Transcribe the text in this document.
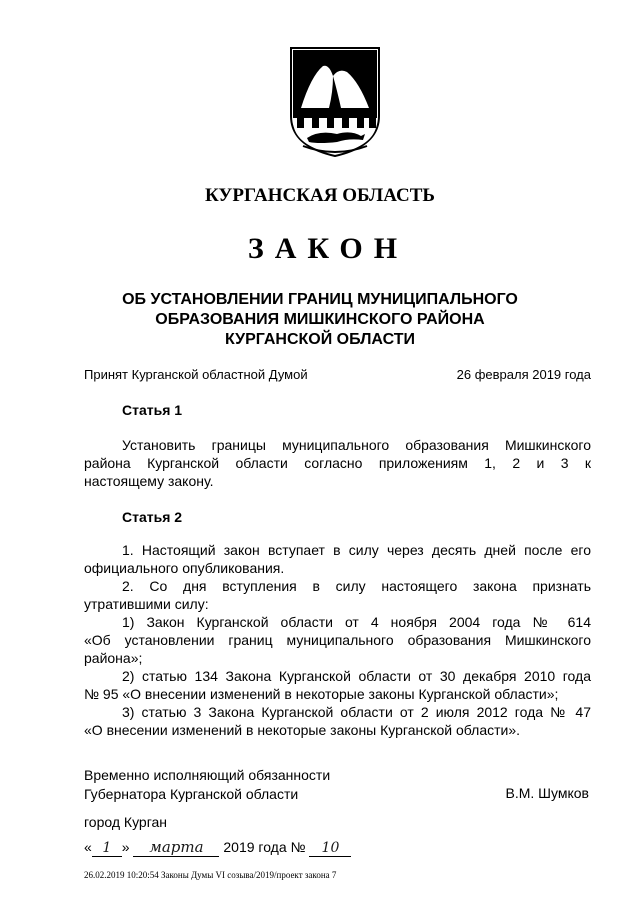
КУРГАНСКАЯ ОБЛАСТЬ
ЗАКОН
ОБ УСТАНОВЛЕНИИ ГРАНИЦ МУНИЦИПАЛЬНОГО
ОБРАЗОВАНИЯ МИШКИНСКОГО РАЙОНА
КУРГАНСКОЙ ОБЛАСТИ
Принят Курганской областной Думой	26 февраля 2019 года
Статья 1
Установить границы муниципального образования Мишкинского
района Курганской области согласно приложениям 1, 2 и 3 к
настоящему закону.
Статья 2
1. Настоящий закон вступает в силу через десять дней после его
официального опубликования.
2. Со дня вступления в силу настоящего закона признать
утратившими силу:
1) Закон Курганской области от 4 ноября 2004 года № 614
«Об установлении границ муниципального образования Мишкинского
района»;
2) статью 134 Закона Курганской области от 30 декабря 2010 года
№ 95 «О внесении изменений в некоторые законы Курганской области»;
3) статью 3 Закона Курганской области от 2 июля 2012 года № 47
«О внесении изменений в некоторые законы Курганской области».
Временно исполняющий обязанности
Губернатора Курганской области	В.М. Шумков
город Курган
« 1 » марта 2019 года № 10
26.02.2019 10:20:54 Законы Думы VI созыва/2019/проект закона 7
